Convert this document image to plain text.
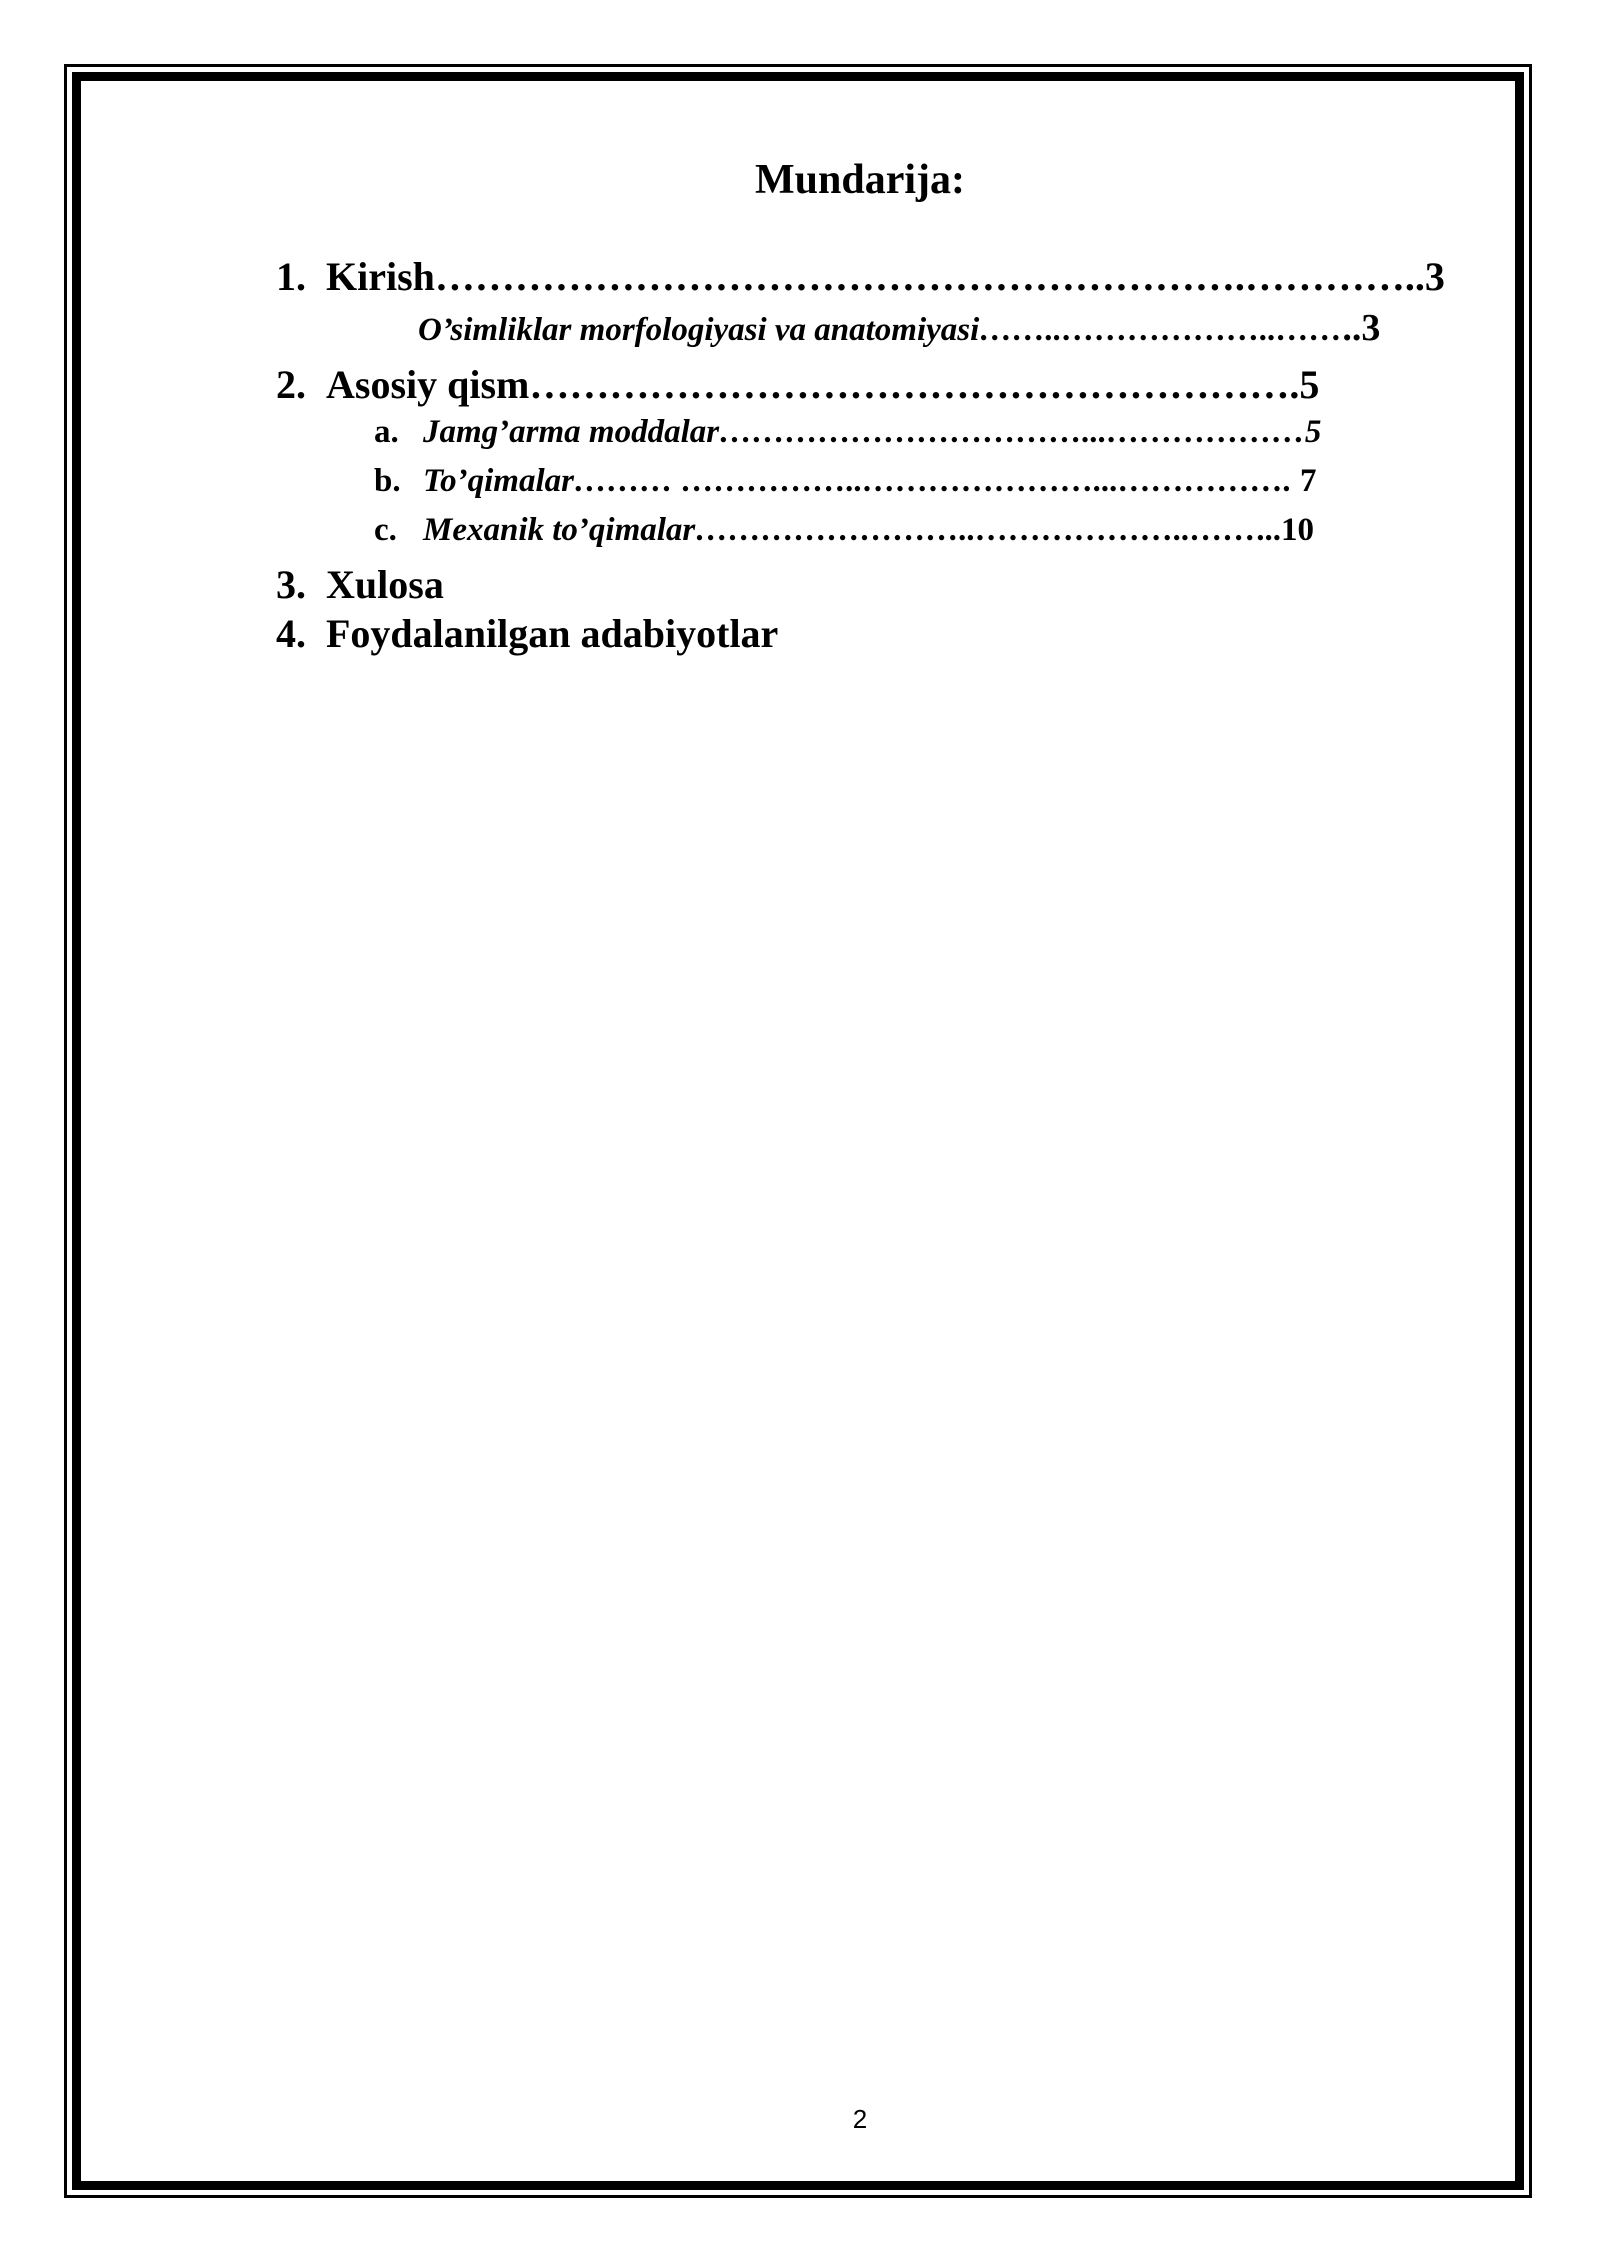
Mundarija:
1. Kirish…………………………………………………….…………..3
O’simliklar morfologiyasi va anatomiyasi……..………………..……..3
2. Asosiy qism………………………………………………….5
a. Jamg’arma moddalar……………………………...………………5
b. To’qimalar……… ……………..…………………...……………. 7
c. Mexanik to’qimalar……………………..………………..……...10
3. Xulosa
4. Foydalanilgan adabiyotlar
2
